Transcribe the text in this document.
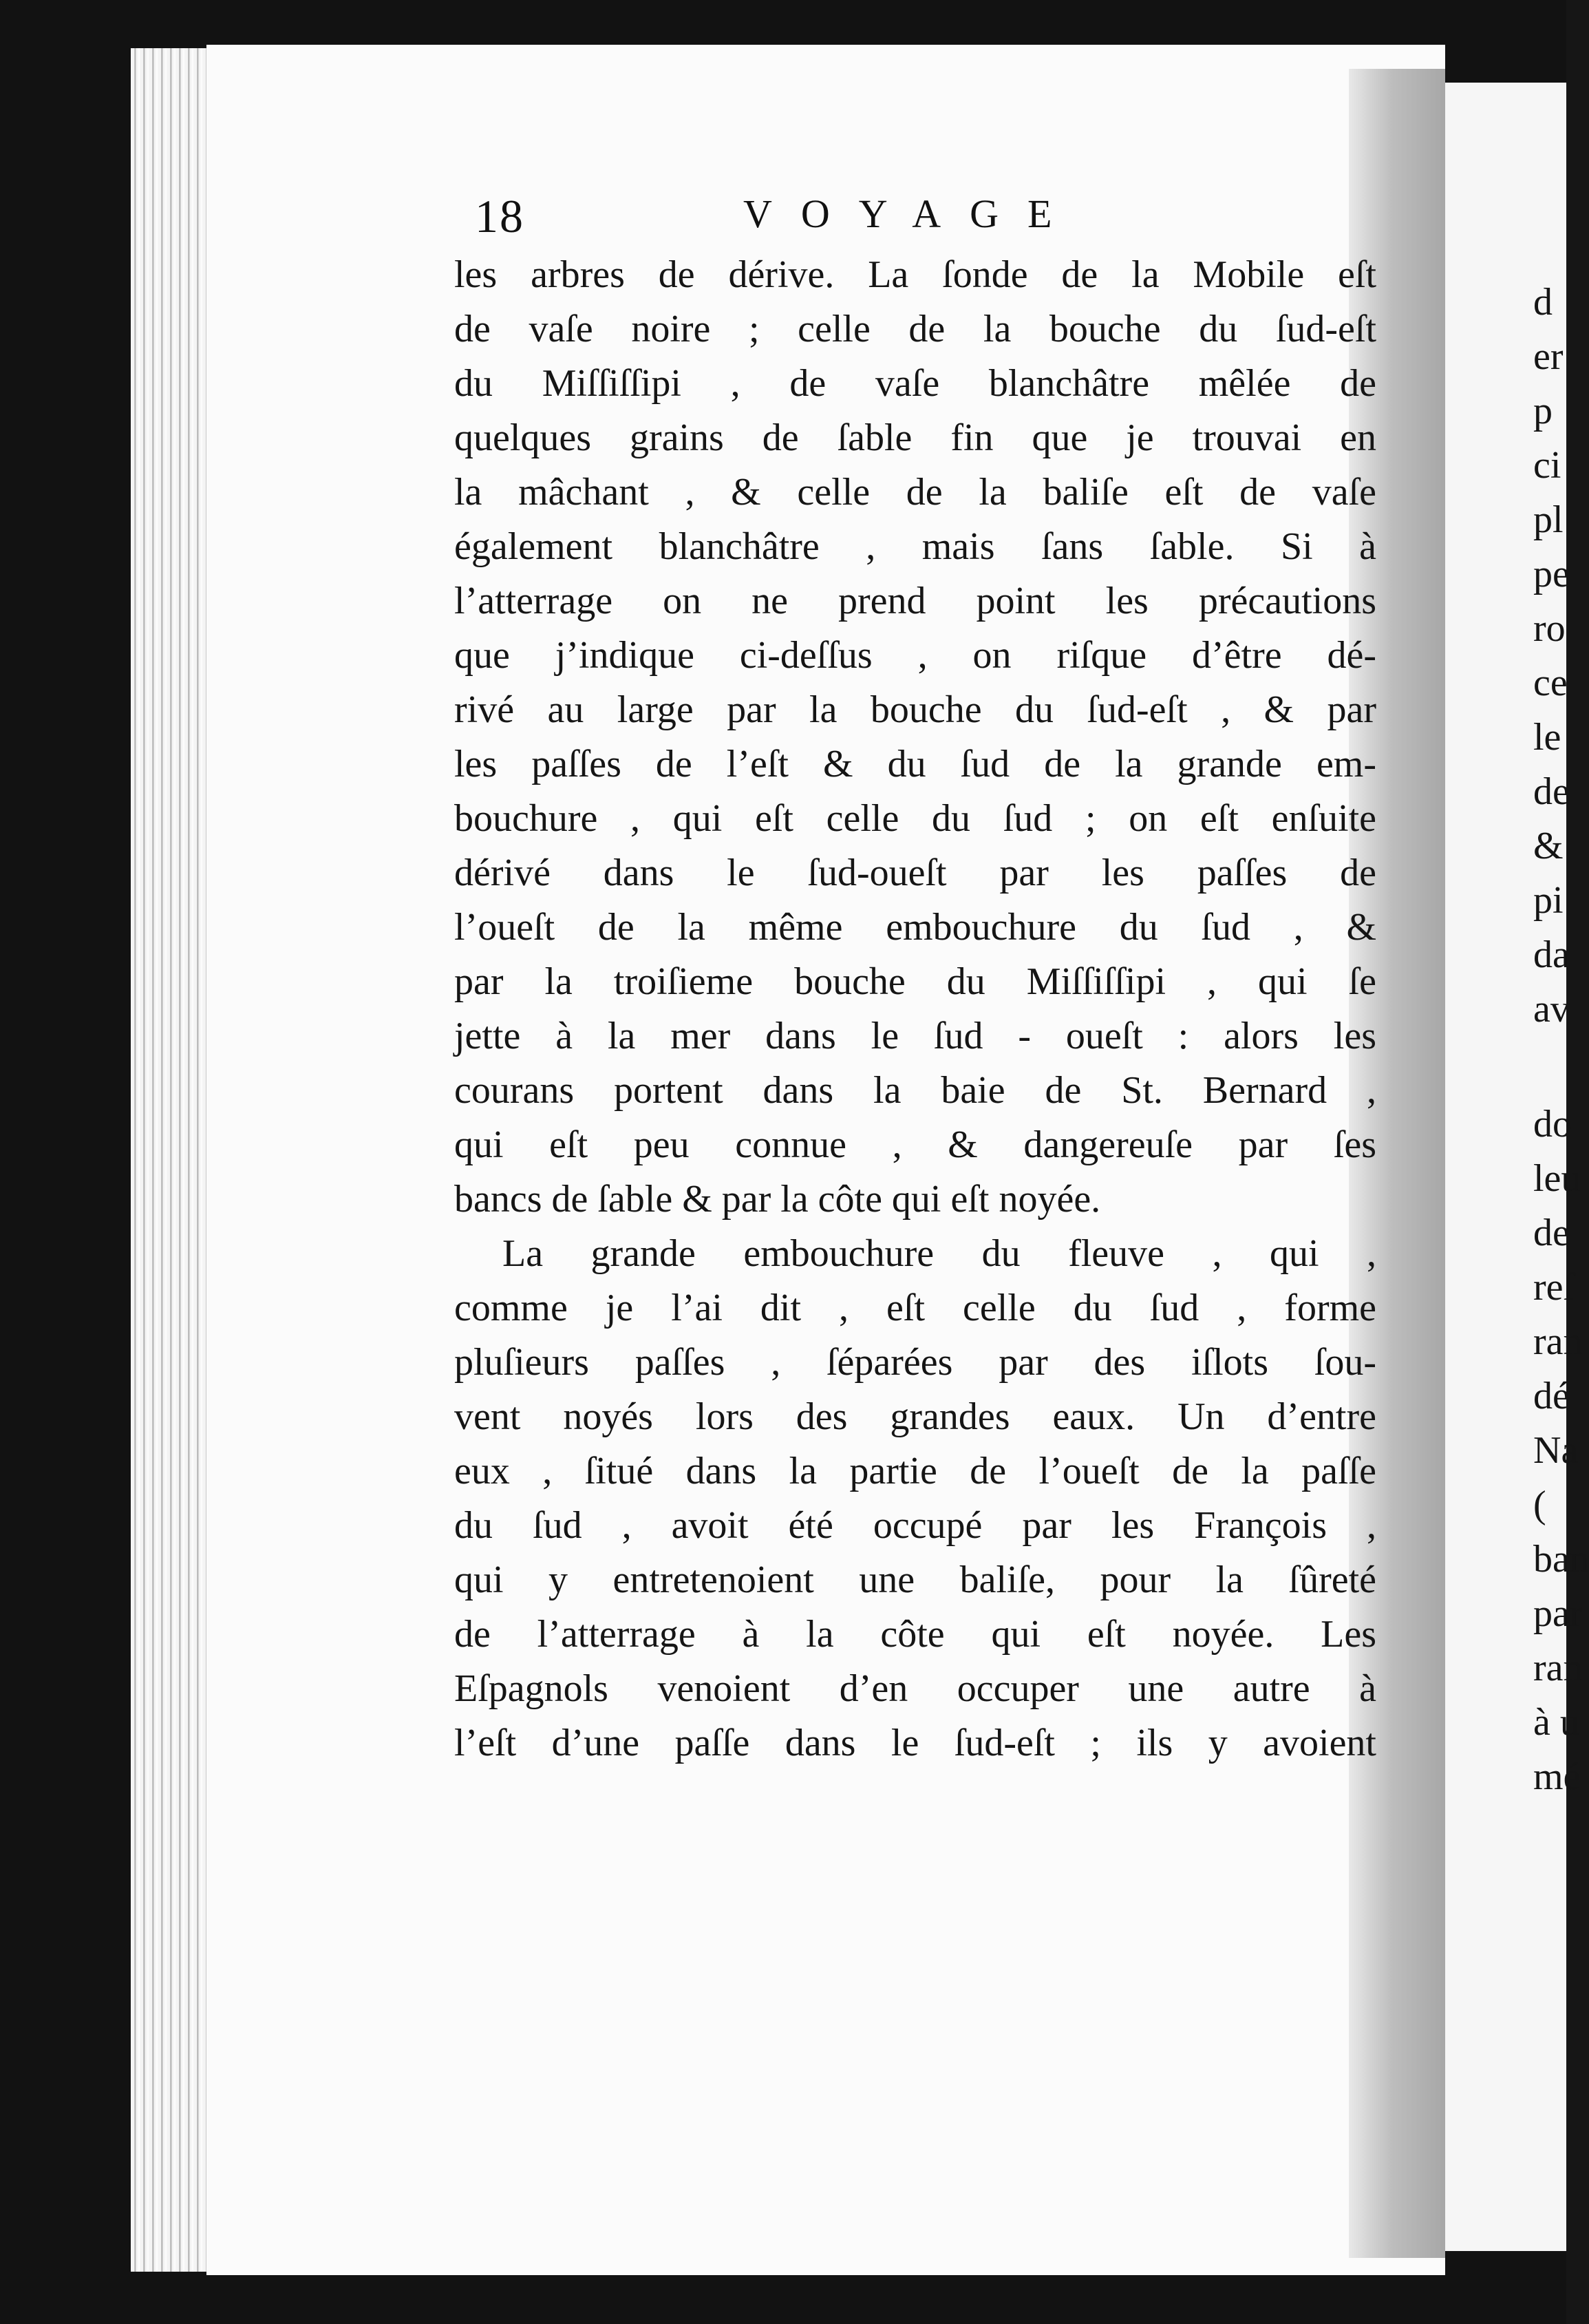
18	VOYAGE
les arbres de dérive. La ſonde de la Mobile eſt
de vaſe noire ; celle de la bouche du ſud-eſt
du Miſſiſſipi , de vaſe blanchâtre mêlée de
quelques grains de ſable fin que je trouvai en
la mâchant , & celle de la baliſe eſt de vaſe
également blanchâtre , mais ſans ſable. Si à
l’atterrage on ne prend point les précautions
que j’indique ci-deſſus , on riſque d’être dé-
rivé au large par la bouche du ſud-eſt , & par
les paſſes de l’eſt & du ſud de la grande em-
bouchure , qui eſt celle du ſud ; on eſt enſuite
dérivé dans le ſud-oueſt par les paſſes de
l’oueſt de la même embouchure du ſud , &
par la troiſieme bouche du Miſſiſſipi , qui ſe
jette à la mer dans le ſud - oueſt : alors les
courans portent dans la baie de St. Bernard ,
qui eſt peu connue , & dangereuſe par ſes
bancs de ſable & par la côte qui eſt noyée.
La grande embouchure du fleuve , qui ,
comme je l’ai dit , eſt celle du ſud , forme
pluſieurs paſſes , ſéparées par des iſlots ſou-
vent noyés lors des grandes eaux. Un d’entre
eux , ſitué dans la partie de l’oueſt de la paſſe
du ſud , avoit été occupé par les François ,
qui y entretenoient une baliſe, pour la ſûreté
de l’atterrage à la côte qui eſt noyée. Les
Eſpagnols venoient d’en occuper une autre à
l’eſt d’une paſſe dans le ſud-eſt ; ils y avoient
d
er
p
ci
pl
pe
ro
ce
le
de
&
pi
da
av
do
leu
de
reſ
ran
dé
Na
(
ban
par
ran
à u
mé
